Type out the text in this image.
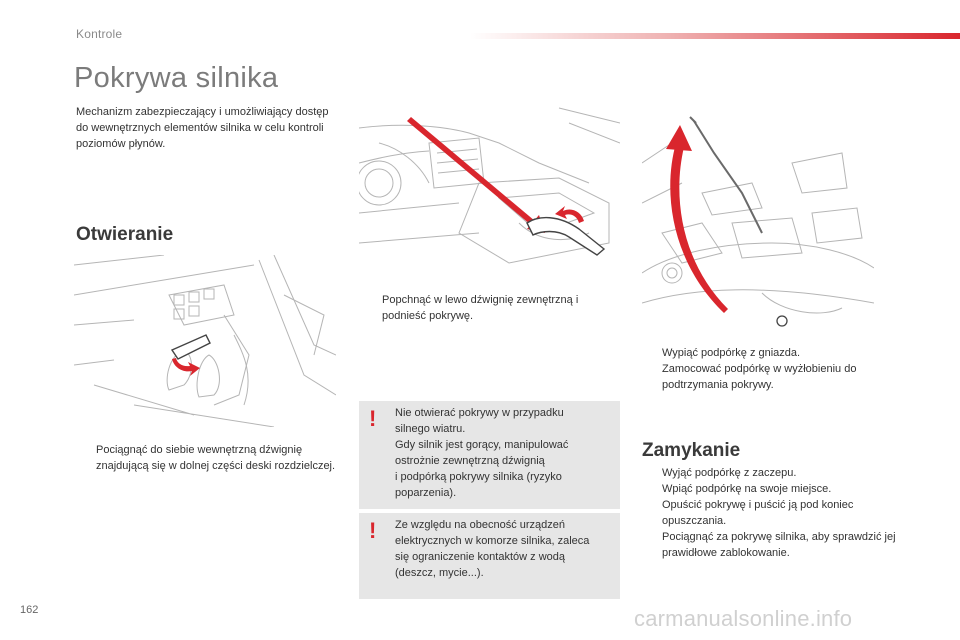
Kontrole
Pokrywa silnika

Mechanizm zabezpieczający i umożliwiający dostęp do wewnętrznych elementów silnika w celu kontroli poziomów płynów.

Otwieranie
Pociągnąć do siebie wewnętrzną dźwignię znajdującą się w dolnej części deski rozdzielczej.
Popchnąć w lewo dźwignię zewnętrzną i podnieść pokrywę.
Wypiąć podpórkę z gniazda.
Zamocować podpórkę w wyżłobieniu do podtrzymania pokrywy.
! Nie otwierać pokrywy w przypadku
silnego wiatru.
Gdy silnik jest gorący, manipulować
ostrożnie zewnętrzną dźwignią
i podpórką pokrywy silnika (ryzyko
poparzenia).

! Ze względu na obecność urządzeń
elektrycznych w komorze silnika, zaleca
się ograniczenie kontaktów z wodą
(deszcz, mycie...).

Zamykanie
Wyjąć podpórkę z zaczepu.
Wpiąć podpórkę na swoje miejsce.
Opuścić pokrywę i puścić ją pod koniec opuszczania.
Pociągnąć za pokrywę silnika, aby sprawdzić jej prawidłowe zablokowanie.
162	carmanualsonline.info
